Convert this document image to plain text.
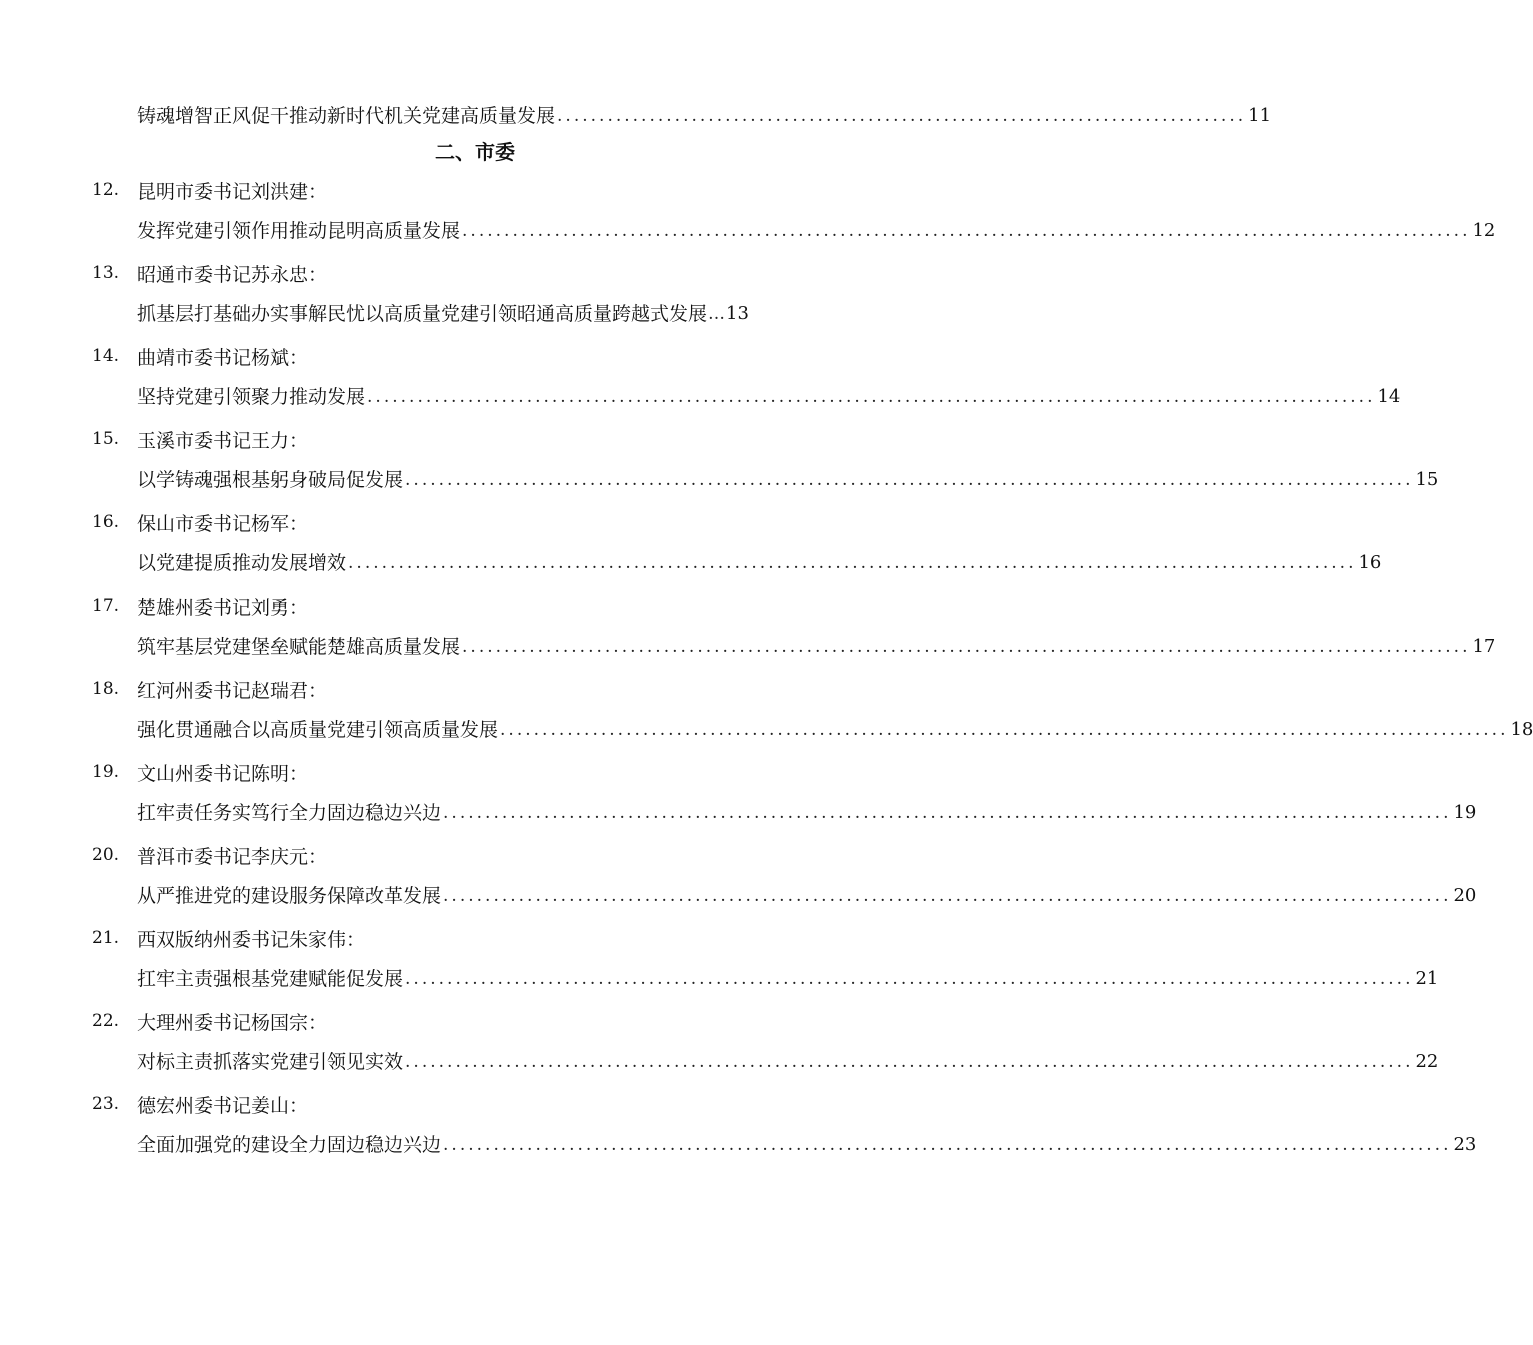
铸魂增智正风促干推动新时代机关党建高质量发展 .................................................................................. 11
二、市委
12. 昆明市委书记刘洪建：
发挥党建引领作用推动昆明高质量发展 ........................................................................................................................ 12
13. 昭通市委书记苏永忠：
抓基层打基础办实事解民忧以高质量党建引领昭通高质量跨越式发展 … 13
14. 曲靖市委书记杨斌：
坚持党建引领聚力推动发展 ........................................................................................................................ 14
15. 玉溪市委书记王力：
以学铸魂强根基躬身破局促发展 ........................................................................................................................ 15
16. 保山市委书记杨军：
以党建提质推动发展增效 ........................................................................................................................ 16
17. 楚雄州委书记刘勇：
筑牢基层党建堡垒赋能楚雄高质量发展 ........................................................................................................................ 17
18. 红河州委书记赵瑞君：
强化贯通融合以高质量党建引领高质量发展 ........................................................................................................................ 18
19. 文山州委书记陈明：
扛牢责任务实笃行全力固边稳边兴边 ........................................................................................................................ 19
20. 普洱市委书记李庆元：
从严推进党的建设服务保障改革发展 ........................................................................................................................ 20
21. 西双版纳州委书记朱家伟：
扛牢主责强根基党建赋能促发展 ........................................................................................................................ 21
22. 大理州委书记杨国宗：
对标主责抓落实党建引领见实效 ........................................................................................................................ 22
23. 德宏州委书记姜山：
全面加强党的建设全力固边稳边兴边 ........................................................................................................................ 23
